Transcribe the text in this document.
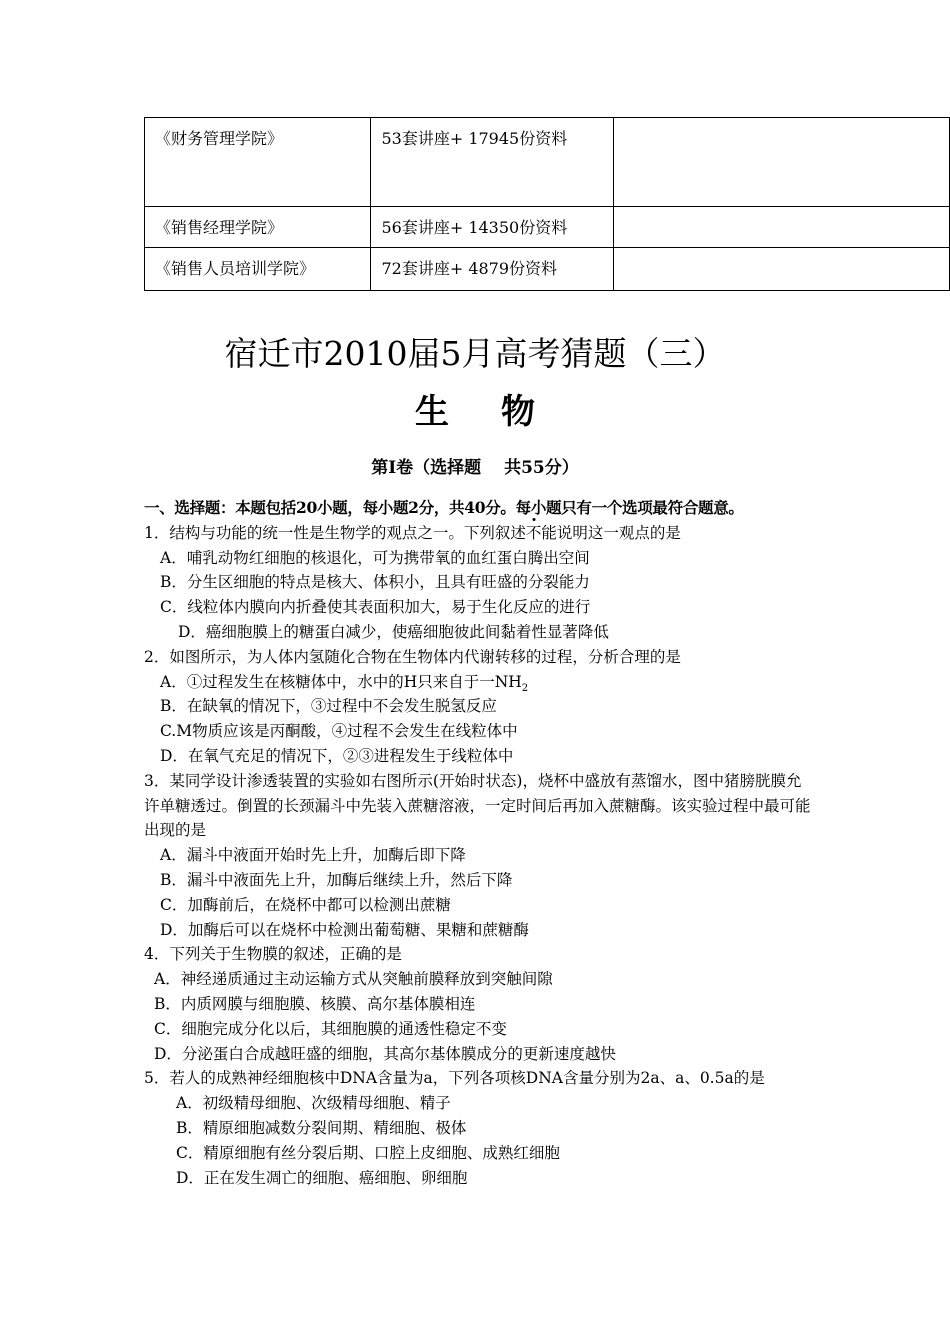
《财务管理学院》	53套讲座+ 17945份资料	
《销售经理学院》	56套讲座+ 14350份资料	
《销售人员培训学院》	72套讲座+ 4879份资料	
宿迁市2010届5月高考猜题（三）
生 物
第Ⅰ卷（选择题　 共55分）
一、选择题：本题包括20小题，每小题2分，共40分。每小题只有一个选项最符合题意。
1．结构与功能的统一性是生物学的观点之一。下列叙述不能说明这一观点的是
A．哺乳动物红细胞的核退化，可为携带氧的血红蛋白腾出空间
B．分生区细胞的特点是核大、体积小，且具有旺盛的分裂能力
C．线粒体内膜向内折叠使其表面积加大，易于生化反应的进行
D．癌细胞膜上的糖蛋白减少，使癌细胞彼此间黏着性显著降低
2．如图所示，为人体内氢随化合物在生物体内代谢转移的过程，分析合理的是
A．①过程发生在核糖体中，水中的H只来自于一$NH_2$
B．在缺氧的情况下，③过程中不会发生脱氢反应
C.M物质应该是丙酮酸，④过程不会发生在线粒体中
D．在氧气充足的情况下，②③进程发生于线粒体中
3．某同学设计渗透装置的实验如右图所示(开始时状态)，烧杯中盛放有蒸馏水，图中猪膀胱膜允许单糖透过。倒置的长颈漏斗中先装入蔗糖溶液，一定时间后再加入蔗糖酶。该实验过程中最可能出现的是
A．漏斗中液面开始时先上升，加酶后即下降
B．漏斗中液面先上升，加酶后继续上升，然后下降
C．加酶前后，在烧杯中都可以检测出蔗糖
D．加酶后可以在烧杯中检测出葡萄糖、果糖和蔗糖酶
4．下列关于生物膜的叙述，正确的是
A．神经递质通过主动运输方式从突触前膜释放到突触间隙
B．内质网膜与细胞膜、核膜、高尔基体膜相连
C．细胞完成分化以后，其细胞膜的通透性稳定不变
D．分泌蛋白合成越旺盛的细胞，其高尔基体膜成分的更新速度越快
5．若人的成熟神经细胞核中DNA含量为a，下列各项核DNA含量分别为2a、a、0.5a的是
A．初级精母细胞、次级精母细胞、精子
B．精原细胞减数分裂间期、精细胞、极体
C．精原细胞有丝分裂后期、口腔上皮细胞、成熟红细胞
D．正在发生凋亡的细胞、癌细胞、卵细胞
